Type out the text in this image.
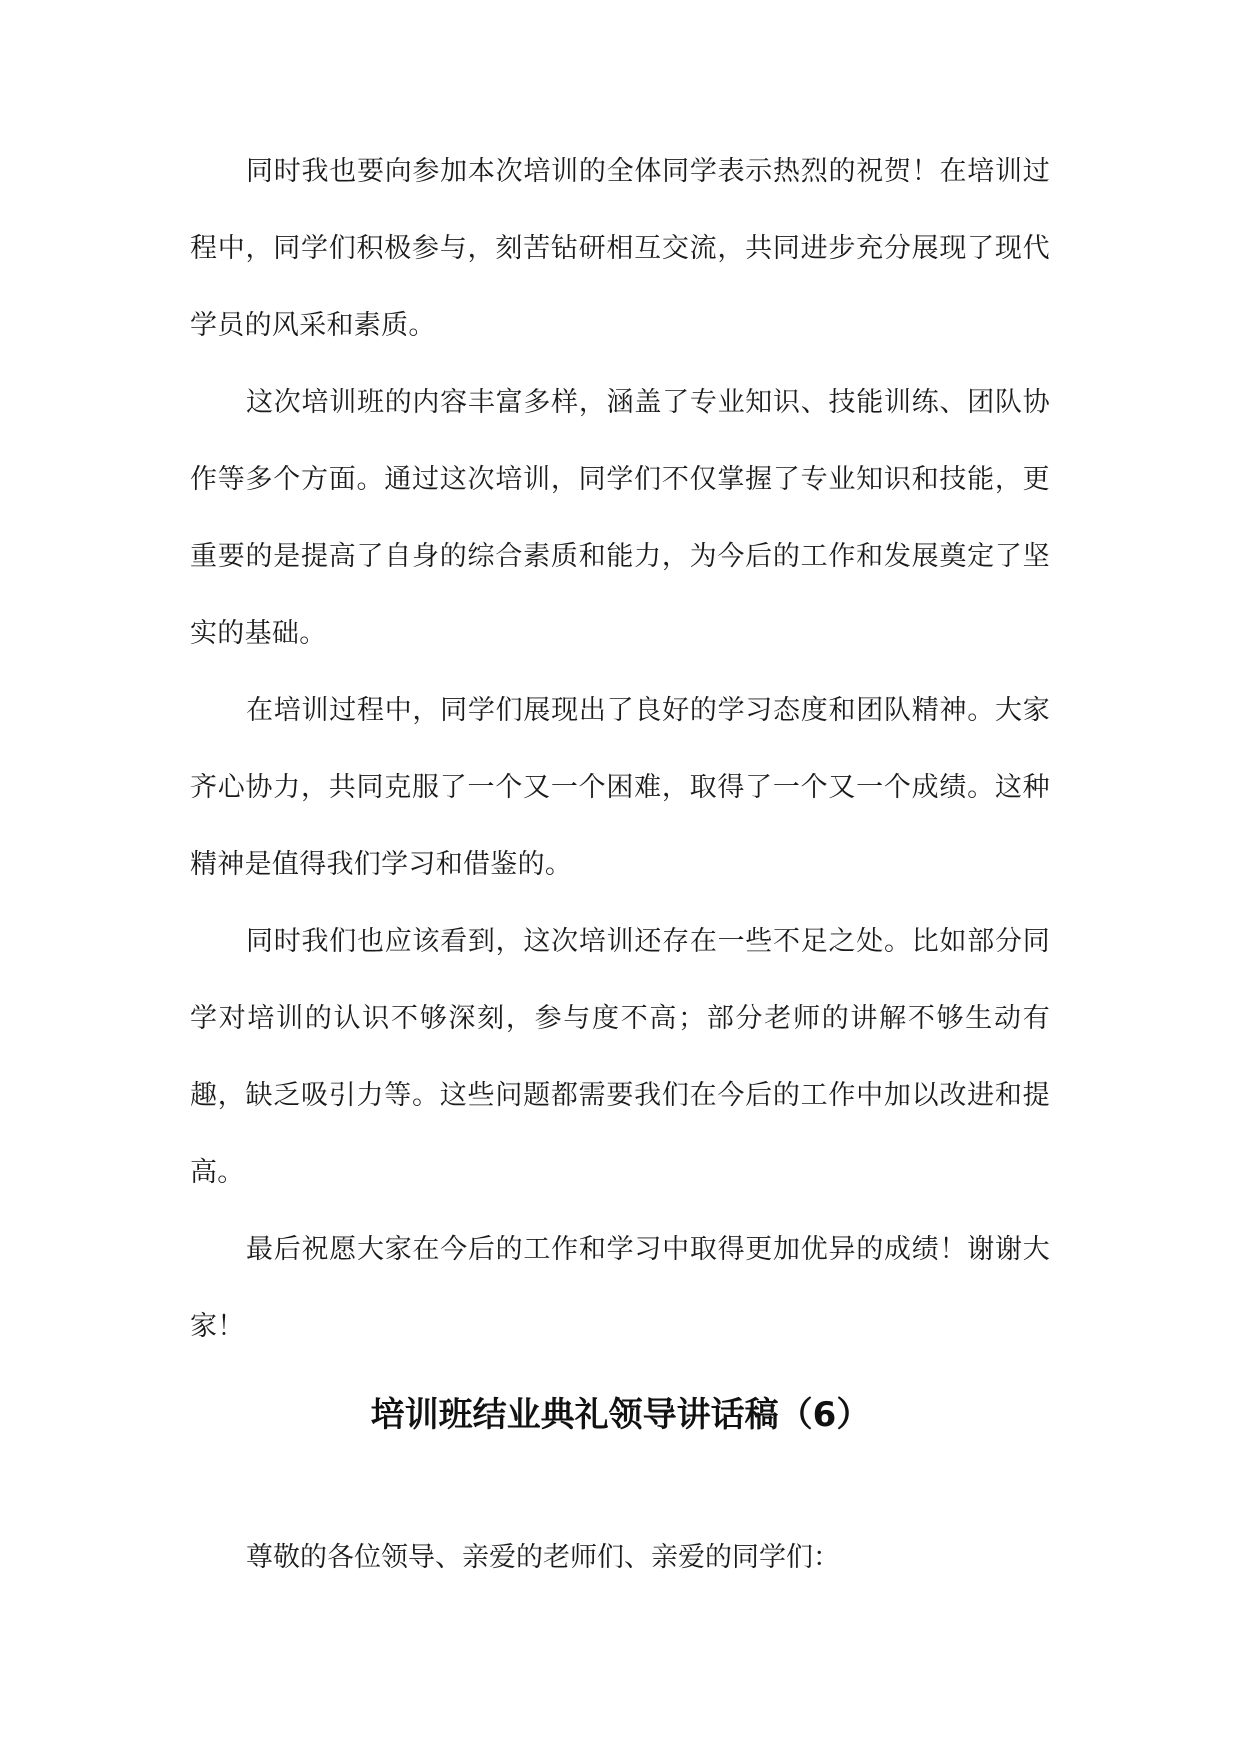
同时我也要向参加本次培训的全体同学表示热烈的祝贺！在培训过程中，同学们积极参与，刻苦钻研相互交流，共同进步充分展现了现代学员的风采和素质。

这次培训班的内容丰富多样，涵盖了专业知识、技能训练、团队协作等多个方面。通过这次培训，同学们不仅掌握了专业知识和技能，更重要的是提高了自身的综合素质和能力，为今后的工作和发展奠定了坚实的基础。

在培训过程中，同学们展现出了良好的学习态度和团队精神。大家齐心协力，共同克服了一个又一个困难，取得了一个又一个成绩。这种精神是值得我们学习和借鉴的。

同时我们也应该看到，这次培训还存在一些不足之处。比如部分同学对培训的认识不够深刻，参与度不高；部分老师的讲解不够生动有趣，缺乏吸引力等。这些问题都需要我们在今后的工作中加以改进和提高。

最后祝愿大家在今后的工作和学习中取得更加优异的成绩！谢谢大家！

培训班结业典礼领导讲话稿（6）

尊敬的各位领导、亲爱的老师们、亲爱的同学们：
